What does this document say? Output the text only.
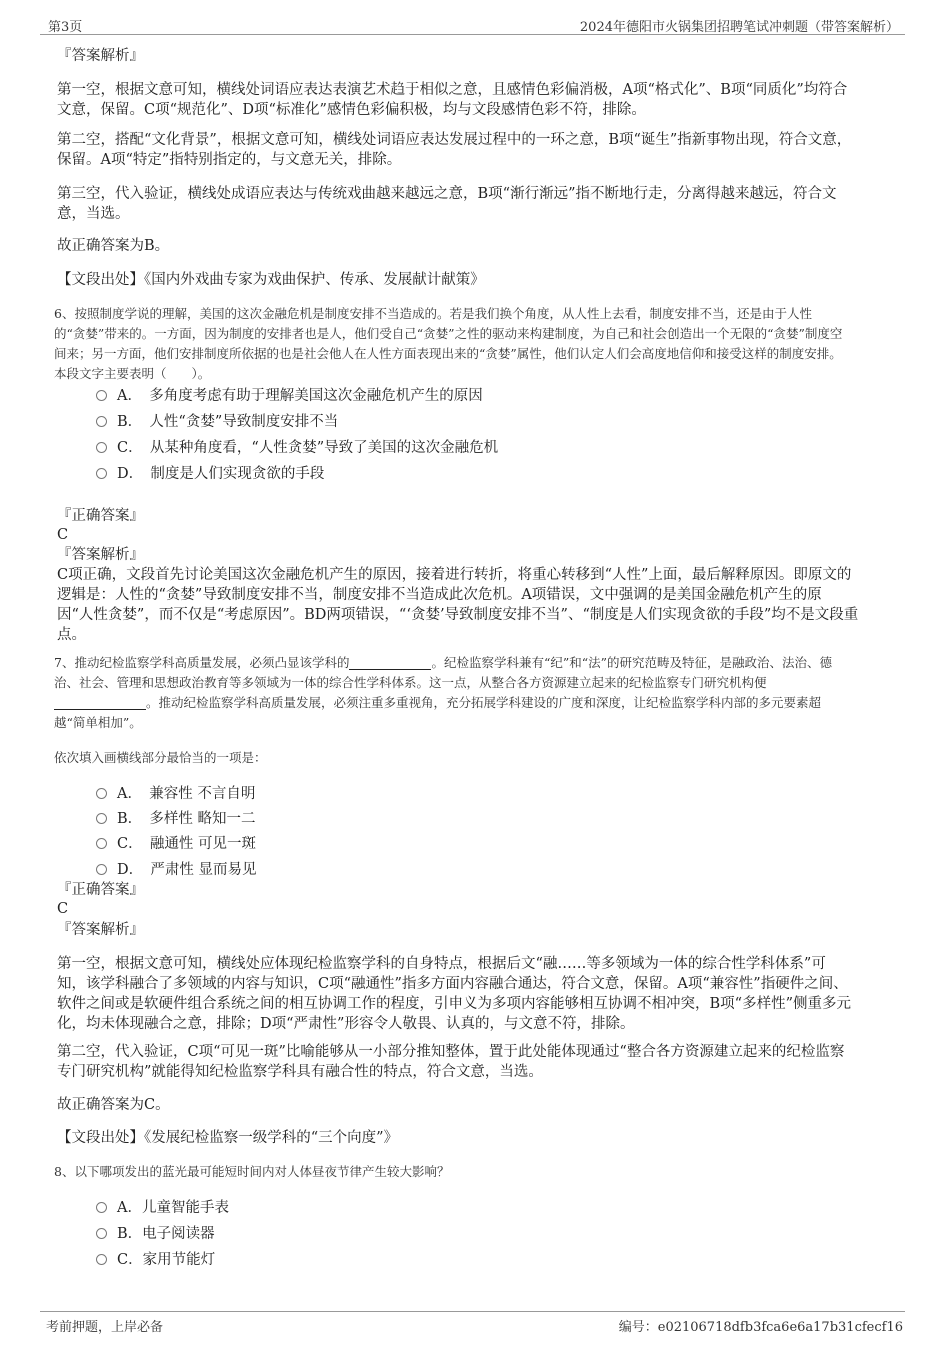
第3页	2024年德阳市火锅集团招聘笔试冲刺题（带答案解析）

『答案解析』

第一空，根据文意可知，横线处词语应表达表演艺术趋于相似之意，且感情色彩偏消极，A项“格式化”、B项“同质化”均符合
文意，保留。C项“规范化”、D项“标准化”感情色彩偏积极，均与文段感情色彩不符，排除。

第二空，搭配“文化背景”，根据文意可知，横线处词语应表达发展过程中的一环之意，B项“诞生”指新事物出现，符合文意，
保留。A项“特定”指特别指定的，与文意无关，排除。

第三空，代入验证，横线处成语应表达与传统戏曲越来越远之意，B项“渐行渐远”指不断地行走，分离得越来越远，符合文
意，当选。

故正确答案为B。

【文段出处】《国内外戏曲专家为戏曲保护、传承、发展献计献策》

6、按照制度学说的理解，美国的这次金融危机是制度安排不当造成的。若是我们换个角度，从人性上去看，制度安排不当，还是由于人性
的“贪婪”带来的。一方面，因为制度的安排者也是人，他们受自己“贪婪”之性的驱动来构建制度，为自己和社会创造出一个无限的“贪婪”制度空
间来；另一方面，他们安排制度所依据的也是社会他人在人性方面表现出来的“贪婪”属性，他们认定人们会高度地信仰和接受这样的制度安排。
本段文字主要表明（　　）。

A．　多角度考虑有助于理解美国这次金融危机产生的原因
B．　人性“贪婪”导致制度安排不当
C．　从某种角度看，“人性贪婪”导致了美国的这次金融危机
D．　制度是人们实现贪欲的手段

『正确答案』

C

『答案解析』

C项正确，文段首先讨论美国这次金融危机产生的原因，接着进行转折，将重心转移到“人性”上面，最后解释原因。即原文的
逻辑是：人性的“贪婪”导致制度安排不当，制度安排不当造成此次危机。A项错误，文中强调的是美国金融危机产生的原
因“人性贪婪”，而不仅是“考虑原因”。BD两项错误，“‘贪婪’导致制度安排不当”、“制度是人们实现贪欲的手段”均不是文段重
点。

7、推动纪检监察学科高质量发展，必须凸显该学科的	。纪检监察学科兼有“纪”和“法”的研究范畴及特征，是融政治、法治、德
治、社会、管理和思想政治教育等多领域为一体的综合性学科体系。这一点，从整合各方资源建立起来的纪检监察专门研究机构便
。推动纪检监察学科高质量发展，必须注重多重视角，充分拓展学科建设的广度和深度，让纪检监察学科内部的多元要素超
越“简单相加”。

依次填入画横线部分最恰当的一项是：

A．　兼容性 不言自明
B．　多样性 略知一二
C．　融通性 可见一斑
D．　严肃性 显而易见

『正确答案』

C

『答案解析』

第一空，根据文意可知，横线处应体现纪检监察学科的自身特点，根据后文“融……等多领域为一体的综合性学科体系”可
知，该学科融合了多领域的内容与知识，C项“融通性”指多方面内容融合通达，符合文意，保留。A项“兼容性”指硬件之间、
软件之间或是软硬件组合系统之间的相互协调工作的程度，引申义为多项内容能够相互协调不相冲突，B项“多样性”侧重多元
化，均未体现融合之意，排除；D项“严肃性”形容令人敬畏、认真的，与文意不符，排除。

第二空，代入验证，C项“可见一斑”比喻能够从一小部分推知整体，置于此处能体现通过“整合各方资源建立起来的纪检监察
专门研究机构”就能得知纪检监察学科具有融合性的特点，符合文意，当选。

故正确答案为C。

【文段出处】《发展纪检监察一级学科的“三个向度”》

8、以下哪项发出的蓝光最可能短时间内对人体昼夜节律产生较大影响？

A．儿童智能手表
B．电子阅读器
C．家用节能灯
考前押题，上岸必备	编号：e02106718dfb3fca6e6a17b31cfecf16
